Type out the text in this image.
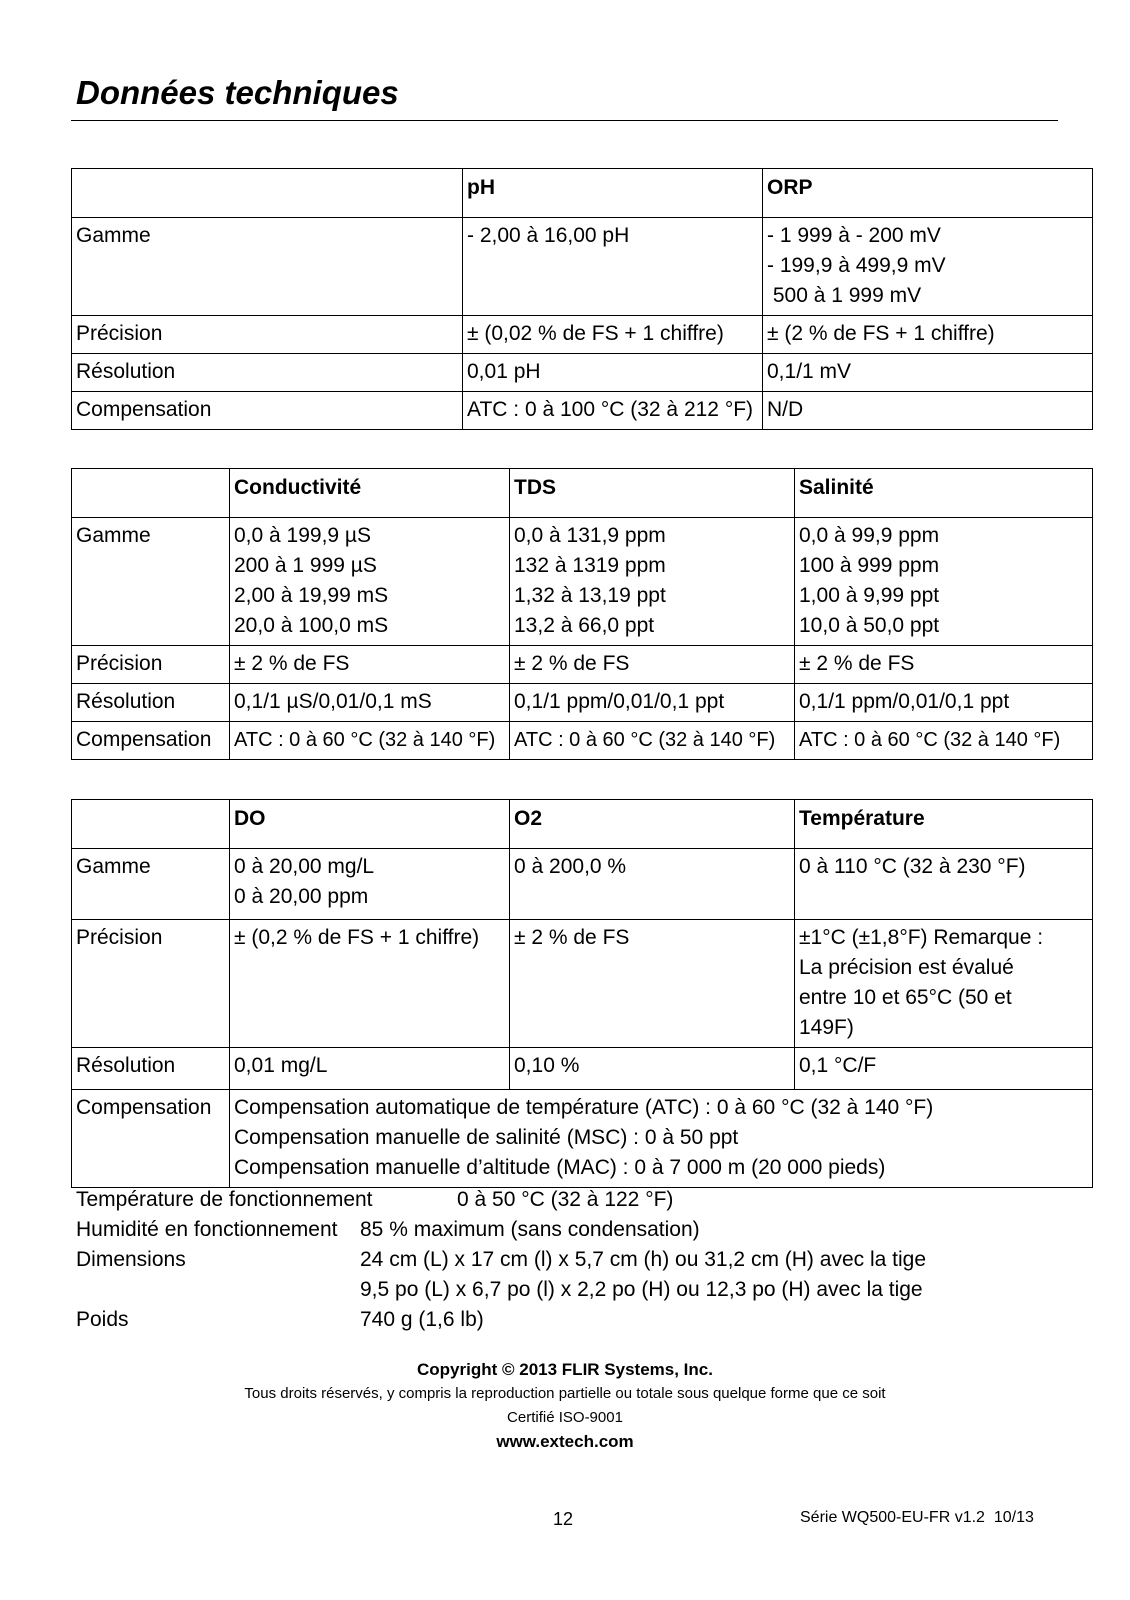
Données techniques
	pH	ORP
Gamme	- 2,00 à 16,00 pH	- 1 999 à - 200 mV
- 199,9 à 499,9 mV
500 à 1 999 mV

Précision	± (0,02 % de FS + 1 chiffre)	± (2 % de FS + 1 chiffre)
Résolution	0,01 pH	0,1/1 mV
Compensation	ATC : 0 à 100 °C (32 à 212 °F)	N/D
	Conductivité	TDS	Salinité
Gamme	0,0 à 199,9 µS
200 à 1 999 µS
2,00 à 19,99 mS
20,0 à 100,0 mS	0,0 à 131,9 ppm
132 à 1319 ppm
1,32 à 13,19 ppt
13,2 à 66,0 ppt	0,0 à 99,9 ppm
100 à 999 ppm
1,00 à 9,99 ppt
10,0 à 50,0 ppt

Précision	± 2 % de FS	± 2 % de FS	± 2 % de FS
Résolution	0,1/1 µS/0,01/0,1 mS	0,1/1 ppm/0,01/0,1 ppt	0,1/1 ppm/0,01/0,1 ppt
Compensation	ATC : 0 à 60 °C (32 à 140 °F)	ATC : 0 à 60 °C (32 à 140 °F)	ATC : 0 à 60 °C (32 à 140 °F)
	DO	O2	Température
Gamme	0 à 20,00 mg/L
0 à 20,00 ppm	0 à 200,0 %	0 à 110 °C (32 à 230 °F)
Précision	± (0,2 % de FS + 1 chiffre)	± 2 % de FS	±1°C (±1,8°F) Remarque :
La précision est évalué
entre 10 et 65°C (50 et
149F)

Résolution	0,01 mg/L	0,10 %	0,1 °C/F
Compensation	Compensation automatique de température (ATC) : 0 à 60 °C (32 à 140 °F)
Compensation manuelle de salinité (MSC) : 0 à 50 ppt
Compensation manuelle d’altitude (MAC) : 0 à 7 000 m (20 000 pieds)		
Température de fonctionnement	0 à 50 °C (32 à 122 °F)
Humidité en fonctionnement 85 % maximum (sans condensation)
Dimensions	24 cm (L) x 17 cm (l) x 5,7 cm (h) ou 31,2 cm (H) avec la tige
9,5 po (L) x 6,7 po (l) x 2,2 po (H) ou 12,3 po (H) avec la tige
Poids	740 g (1,6 lb)
Copyright © 2013 FLIR Systems, Inc.
Tous droits réservés, y compris la reproduction partielle ou totale sous quelque forme que ce soit
Certifié ISO-9001
www.extech.com
12	Série WQ500-EU-FR v1.2  10/13
